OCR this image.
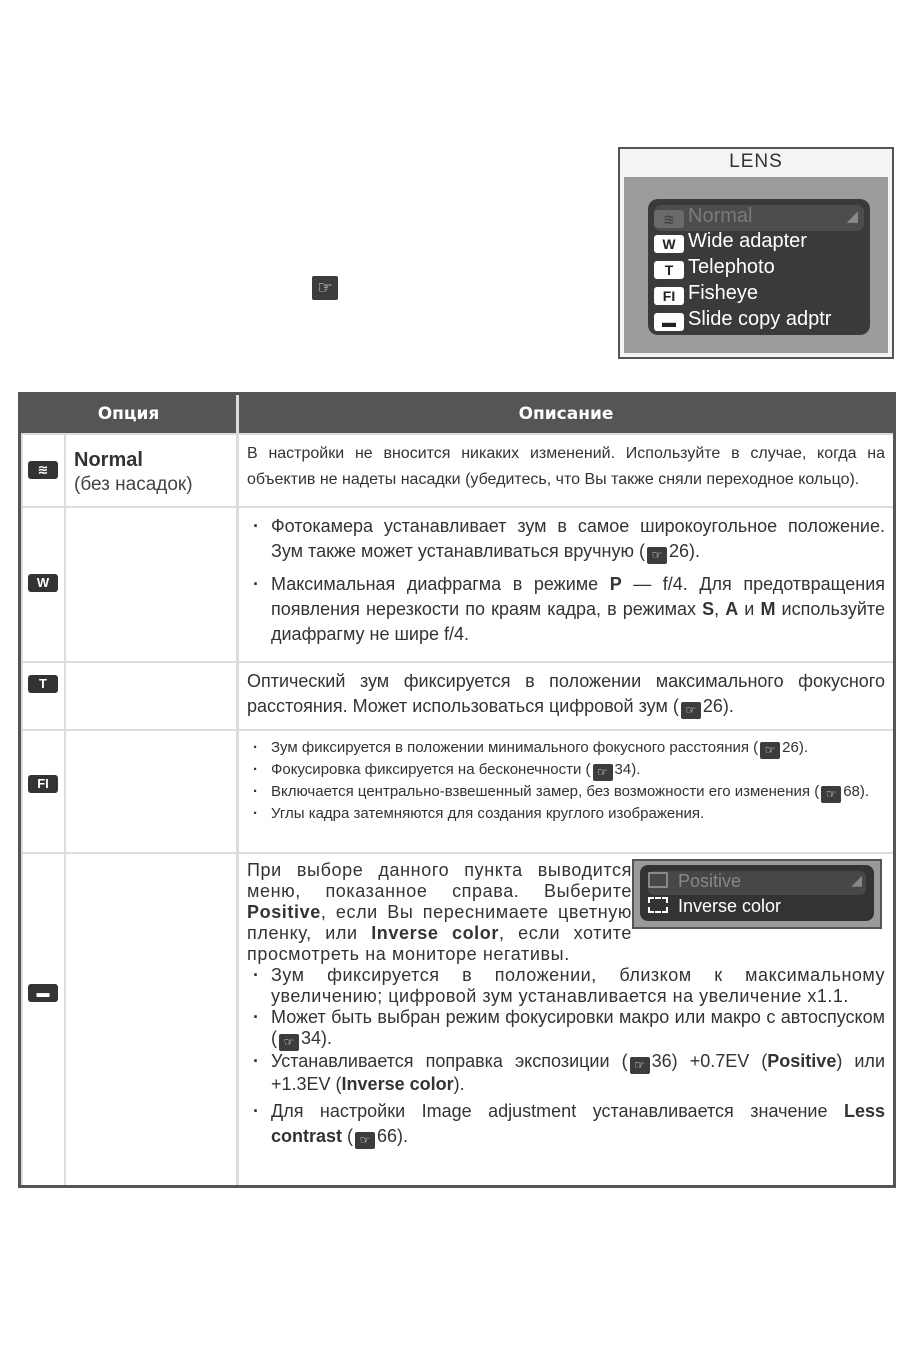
☞
LENS
≋ Normal	◢
W Wide adapter
T Telephoto
FI Fisheye
▬ Slide copy adptr
Опция	Описание
≋	Normal
(без насадок)
В настройки не вносится никаких изменений. Используйте в случае, когда на объектив не надеты насадки (убедитесь, что Вы также сняли переходное кольцо).
W
· Фотокамера устанавливает зум в самое широкоугольное положение. Зум также может устанавливаться вручную ( ☞ 26).
· Максимальная диафрагма в режиме P — f/4. Для предотвращения появления нерезкости по краям кадра, в режимах S, A и M используйте диафрагму не шире f/4.
T	Оптический зум фиксируется в положении максимального фокусного расстояния. Может использоваться цифровой зум ( ☞ 26).
FI
· Зум фиксируется в положении минимального фокусного расстояния ( ☞ 26).
· Фокусировка фиксируется на бесконечности ( ☞ 34).
· Включается центрально-взвешенный замер, без возможности его изменения ( ☞ 68).
· Углы кадра затемняются для создания круглого изображения.
▬
Positive	◢
Inverse color
При выборе данного пункта выводится меню, показанное справа. Выберите Positive, если Вы переснимаете цветную пленку, или Inverse color, если хотите просмотреть на мониторе негативы.
· Зум фиксируется в положении, близком к максимальному увеличению; цифровой зум устанавливается на увеличение x1.1.
· Может быть выбран режим фокусировки макро или макро с автоспуском ( ☞ 34).
· Устанавливается поправка экспозиции ( ☞ 36) +0.7EV (Positive) или +1.3EV (Inverse color).
· Для настройки Image adjustment устанавливается значение Less contrast ( ☞ 66).
